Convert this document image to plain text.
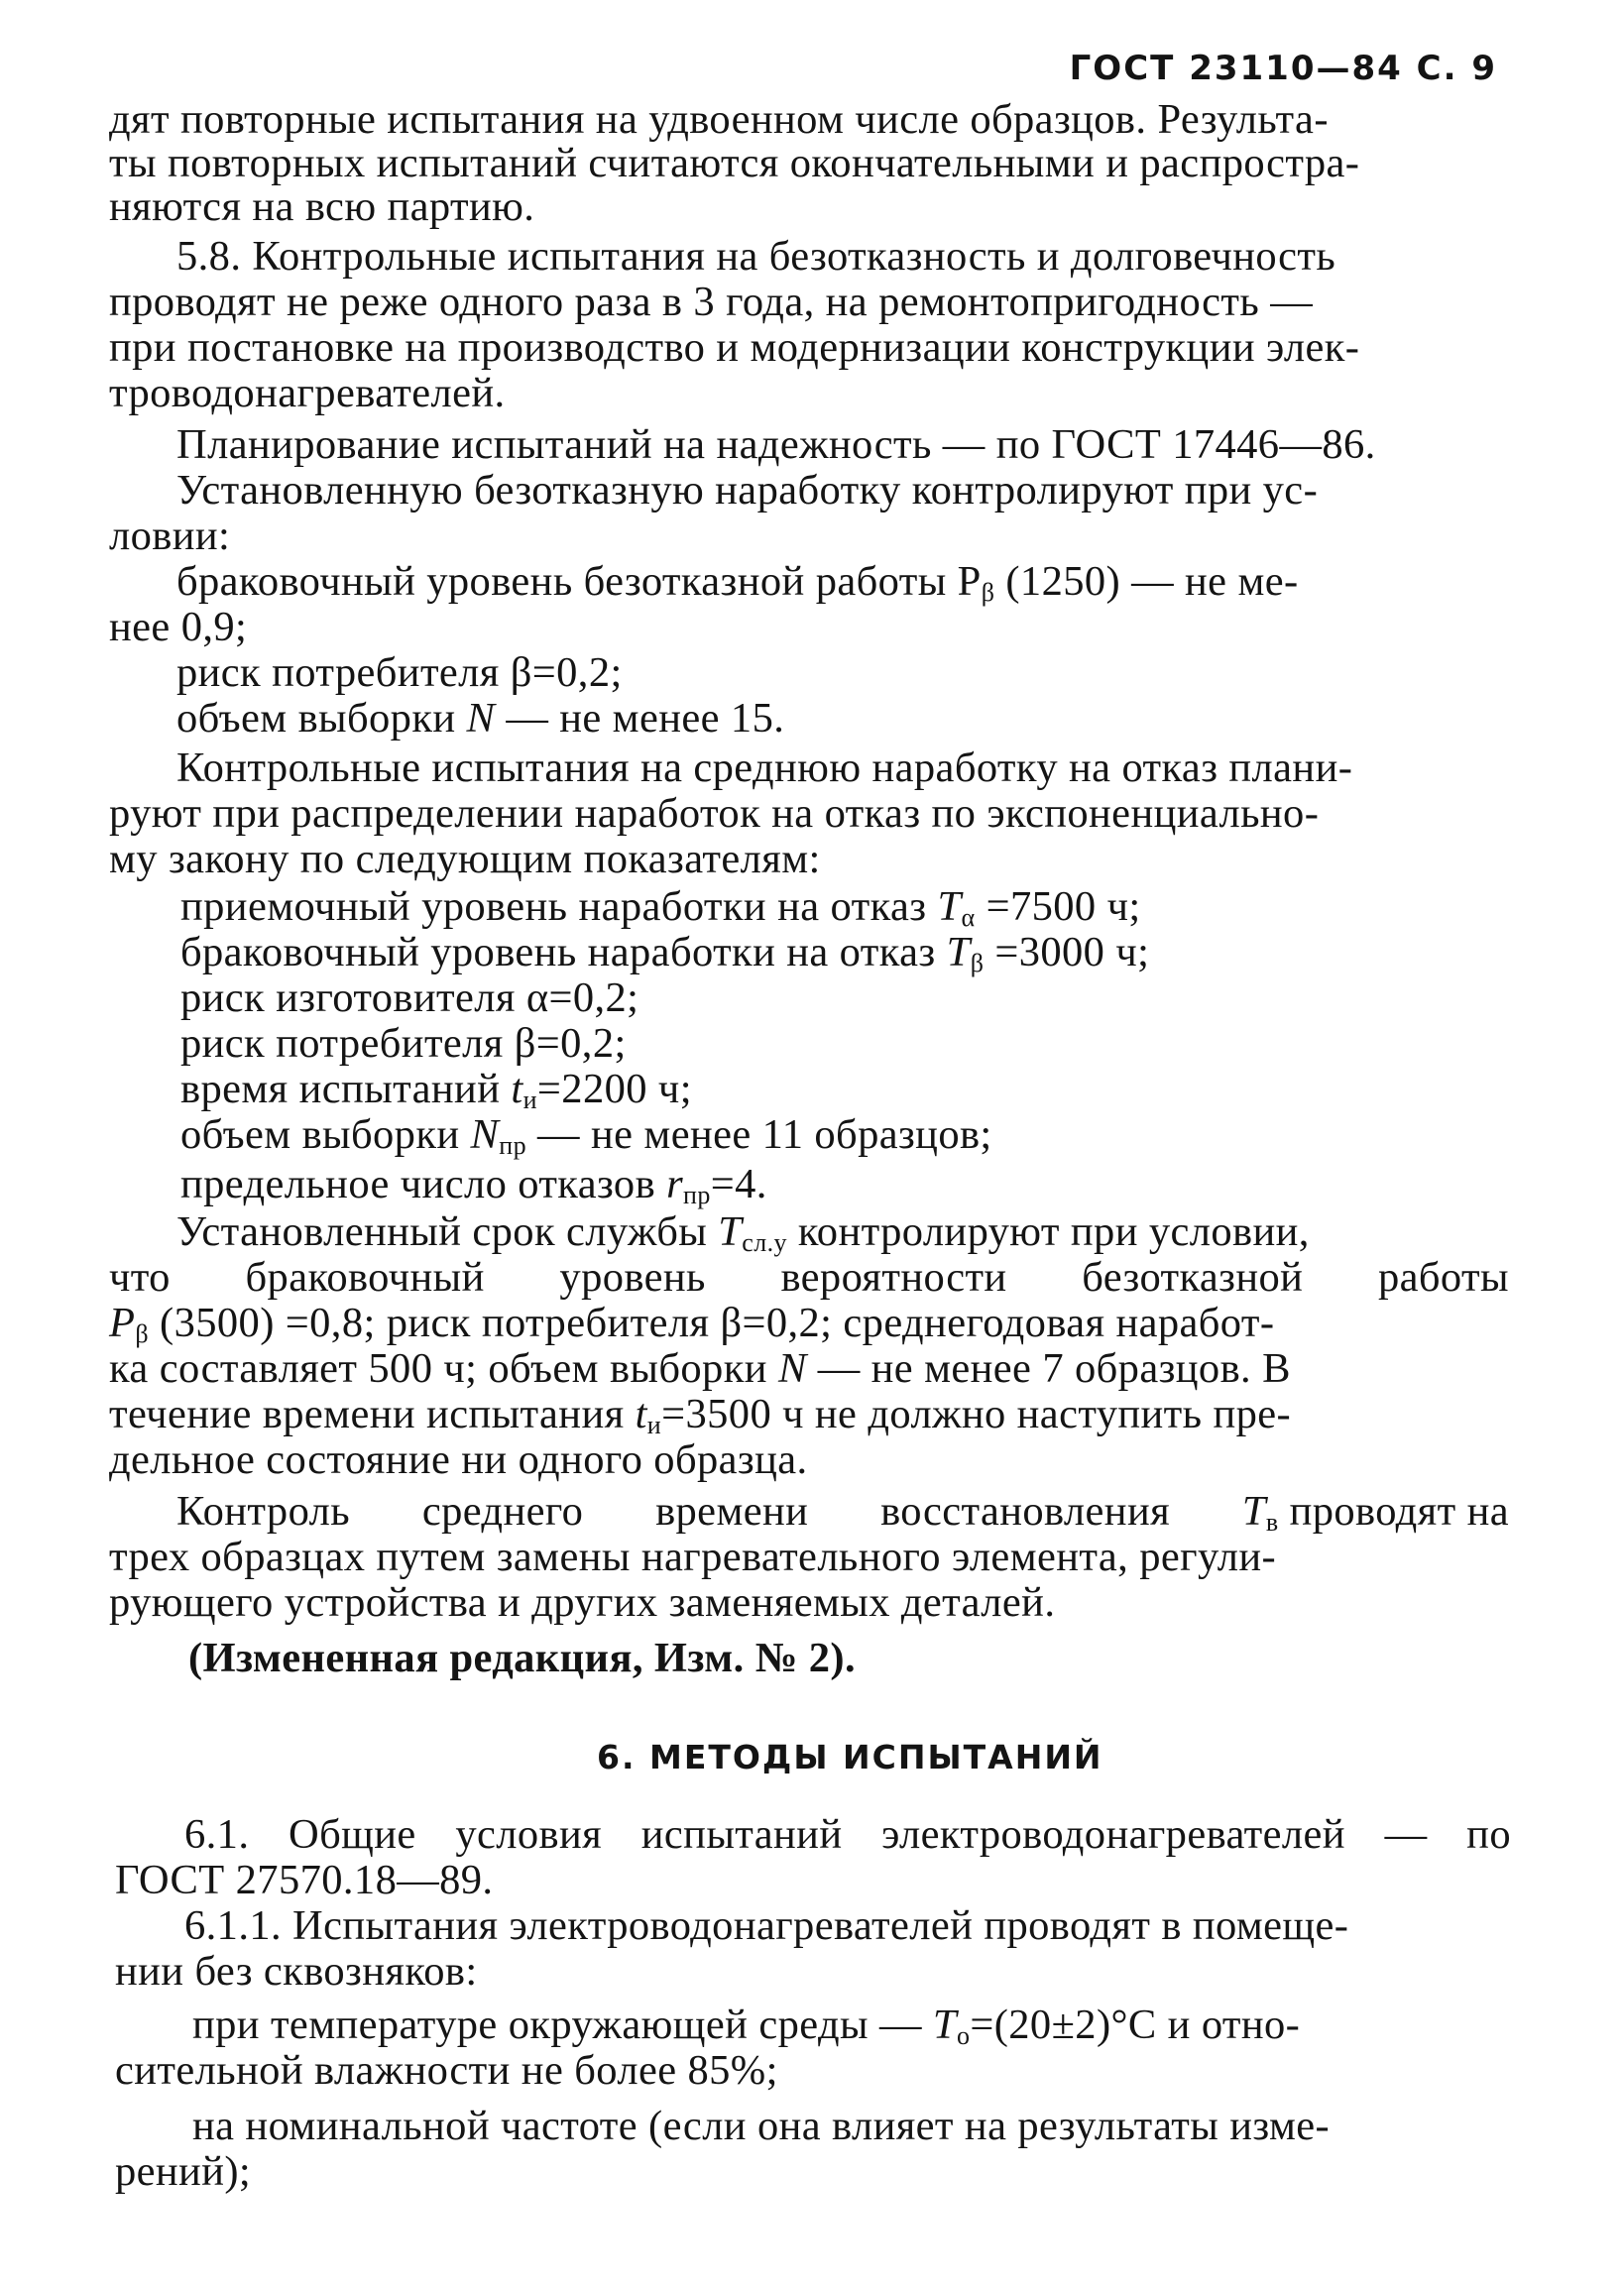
ГОСТ 23110—84 С. 9
дят повторные испытания на удвоенном числе образцов. Результа-
ты повторных испытаний считаются окончательными и распростра-
няются на всю партию.
5.8. Контрольные испытания на безотказность и долговечность
проводят не реже одного раза в 3 года, на ремонтопригодность —
при постановке на производство и модернизации конструкции элек-
троводонагревателей.
Планирование испытаний на надежность — по ГОСТ 17446—86.
Установленную безотказную наработку контролируют при ус-
ловии:
браковочный уровень безотказной работы $P_\beta$ (1250) — не ме-
нее 0,9;
риск потребителя β=0,2;
объем выборки N — не менее 15.
Контрольные испытания на среднюю наработку на отказ плани-
руют при распределении наработок на отказ по экспоненциально-
му закону по следующим показателям:
приемочный уровень наработки на отказ $T_\alpha =7500$ ч;
браковочный уровень наработки на отказ $T_\beta =3000$ ч;
риск изготовителя α=0,2;
риск потребителя β=0,2;
время испытаний $t_и=2200$ ч;
объем выборки $N_{пр}$ — не менее 11 образцов;
предельное число отказов $r_{пр}=4$.
Установленный срок службы $T_{сл.у}$ контролируют при условии,
что браковочный уровень вероятности безотказной работы
$P_\beta$ (3500) =0,8; риск потребителя β=0,2; среднегодовая наработ-
ка составляет 500 ч; объем выборки N — не менее 7 образцов. В
течение времени испытания $t_и=3500$ ч не должно наступить пре-
дельное состояние ни одного образца.
Контроль среднего времени восстановления $T_в$ проводят на
трех образцах путем замены нагревательного элемента, регули-
рующего устройства и других заменяемых деталей.
(Измененная редакция, Изм. № 2).
6. МЕТОДЫ ИСПЫТАНИЙ
6.1. Общие условия испытаний электроводонагревателей — по
ГОСТ 27570.18—89.
6.1.1. Испытания электроводонагревателей проводят в помеще-
нии без сквозняков:
при температуре окружающей среды — $T_о=(20\pm 2)^\circ С$ и отно-
сительной влажности не более 85%;
на номинальной частоте (если она влияет на результаты изме-
рений);
